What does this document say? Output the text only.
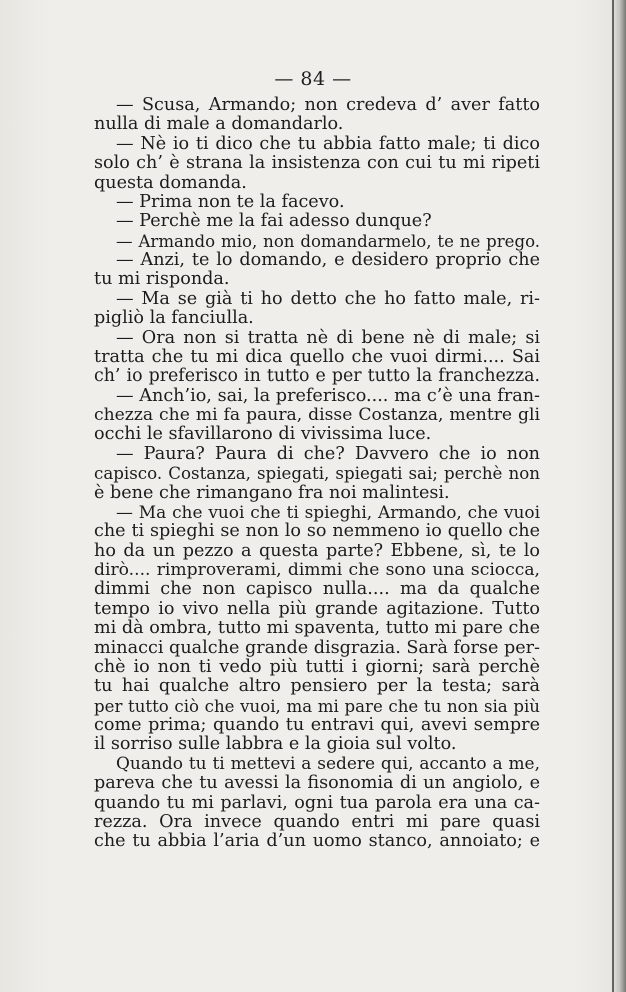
— 84 —
— Scusa, Armando; non credeva d’ aver fatto
nulla di male a domandarlo.
— Nè io ti dico che tu abbia fatto male; ti dico
solo ch’ è strana la insistenza con cui tu mi ripeti
questa domanda.
— Prima non te la facevo.
— Perchè me la fai adesso dunque?
— Armando mio, non domandarmelo, te ne prego.
— Anzi, te lo domando, e desidero proprio che
tu mi risponda.
— Ma se già ti ho detto che ho fatto male, ri-
pigliò la fanciulla.
— Ora non si tratta nè di bene nè di male; si
tratta che tu mi dica quello che vuoi dirmi.... Sai
ch’ io preferisco in tutto e per tutto la franchezza.
— Anch’io, sai, la preferisco.... ma c’è una fran-
chezza che mi fa paura, disse Costanza, mentre gli
occhi le sfavillarono di vivissima luce.
— Paura? Paura di che? Davvero che io non
capisco. Costanza, spiegati, spiegati sai; perchè non
è bene che rimangano fra noi malintesi.
— Ma che vuoi che ti spieghi, Armando, che vuoi
che ti spieghi se non lo so nemmeno io quello che
ho da un pezzo a questa parte? Ebbene, sì, te lo
dirò.... rimproverami, dimmi che sono una sciocca,
dimmi che non capisco nulla.... ma da qualche
tempo io vivo nella più grande agitazione. Tutto
mi dà ombra, tutto mi spaventa, tutto mi pare che
minacci qualche grande disgrazia. Sarà forse per-
chè io non ti vedo più tutti i giorni; sarà perchè
tu hai qualche altro pensiero per la testa; sarà
per tutto ciò che vuoi, ma mi pare che tu non sia più
come prima; quando tu entravi qui, avevi sempre
il sorriso sulle labbra e la gioia sul volto.
Quando tu ti mettevi a sedere qui, accanto a me,
pareva che tu avessi la fisonomia di un angiolo, e
quando tu mi parlavi, ogni tua parola era una ca-
rezza. Ora invece quando entri mi pare quasi
che tu abbia l’aria d’un uomo stanco, annoiato; e
